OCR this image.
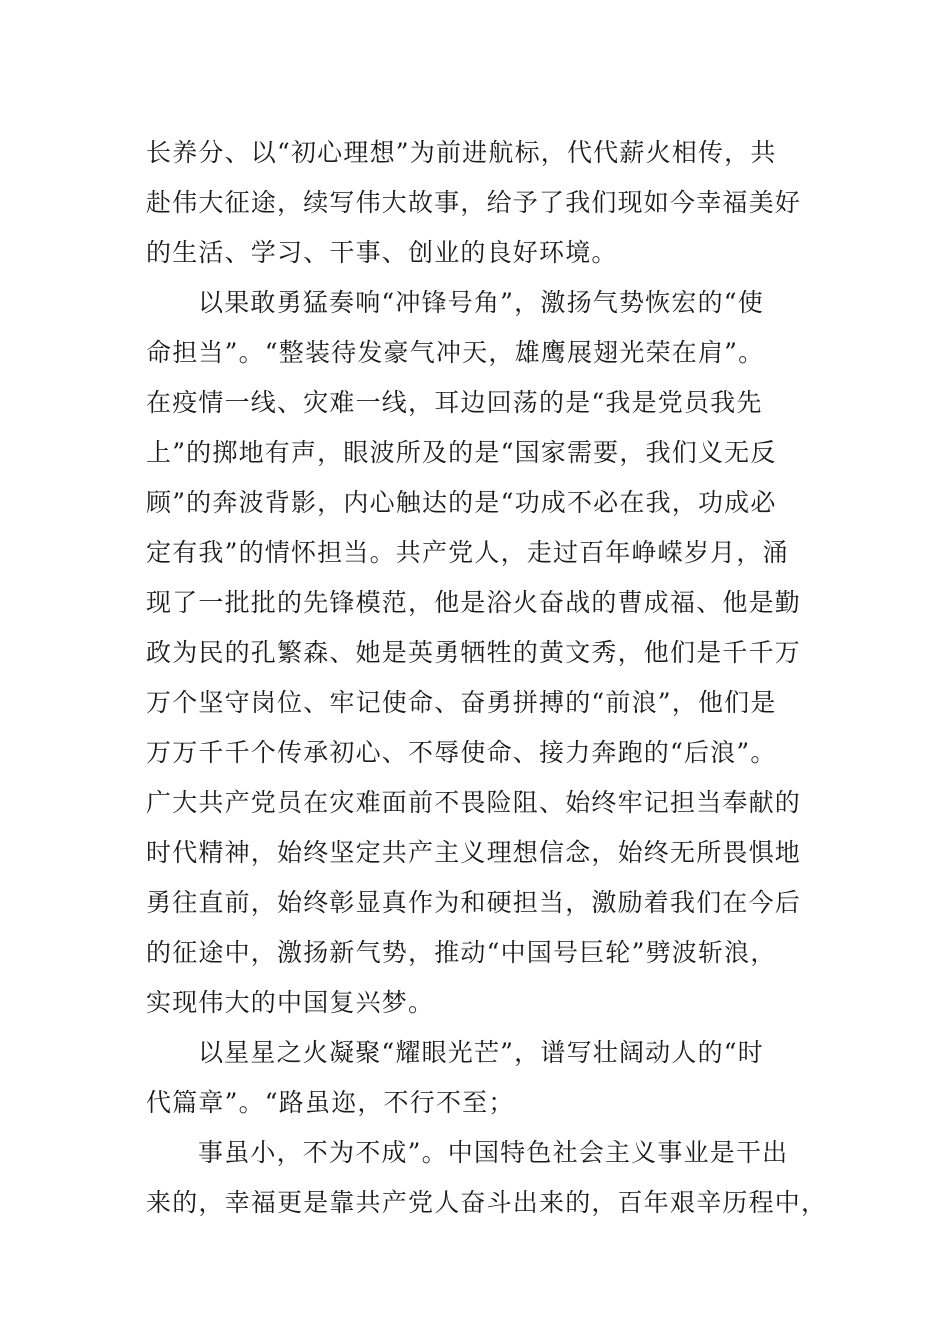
长养分、以“初心理想”为前进航标，代代薪火相传，共
赴伟大征途，续写伟大故事，给予了我们现如今幸福美好
的生活、学习、干事、创业的良好环境。
以果敢勇猛奏响“冲锋号角”，激扬气势恢宏的“使
命担当”。“整装待发豪气冲天，雄鹰展翅光荣在肩”。
在疫情一线、灾难一线，耳边回荡的是“我是党员我先
上”的掷地有声，眼波所及的是“国家需要，我们义无反
顾”的奔波背影，内心触达的是“功成不必在我，功成必
定有我”的情怀担当。共产党人，走过百年峥嵘岁月，涌
现了一批批的先锋模范，他是浴火奋战的曹成福、他是勤
政为民的孔繁森、她是英勇牺牲的黄文秀，他们是千千万
万个坚守岗位、牢记使命、奋勇拼搏的“前浪”，他们是
万万千千个传承初心、不辱使命、接力奔跑的“后浪”。
广大共产党员在灾难面前不畏险阻、始终牢记担当奉献的
时代精神，始终坚定共产主义理想信念，始终无所畏惧地
勇往直前，始终彰显真作为和硬担当，激励着我们在今后
的征途中，激扬新气势，推动“中国号巨轮”劈波斩浪，
实现伟大的中国复兴梦。
以星星之火凝聚“耀眼光芒”，谱写壮阔动人的“时
代篇章”。“路虽迩，不行不至；
事虽小，不为不成”。中国特色社会主义事业是干出
来的，幸福更是靠共产党人奋斗出来的，百年艰辛历程中，
